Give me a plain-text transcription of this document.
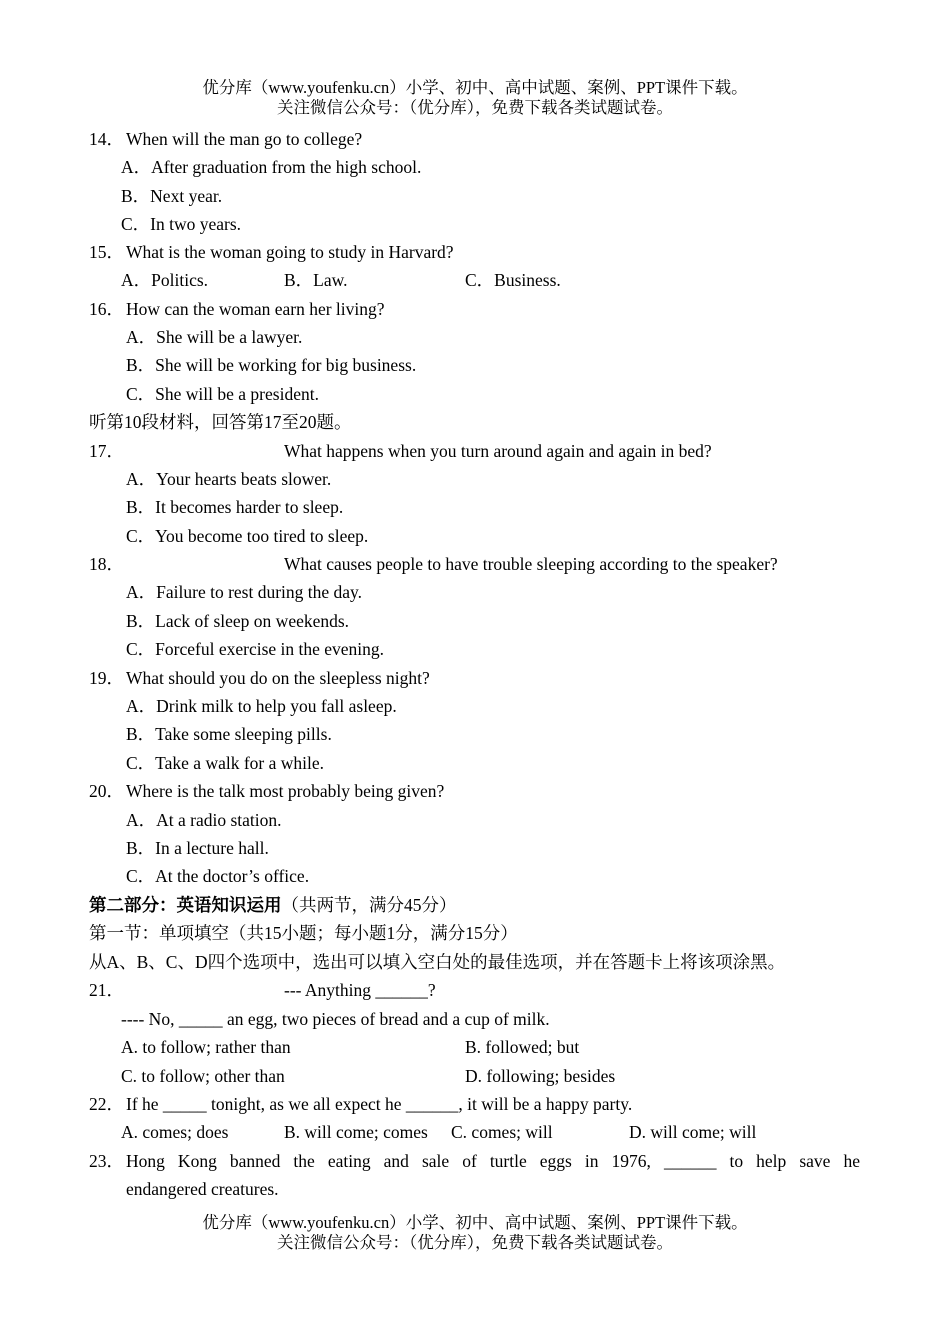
优分库（www.youfenku.cn）小学、初中、高中试题、案例、PPT课件下载。
关注微信公众号：（优分库），免费下载各类试题试卷。
14． When will the man go to college?
A．After graduation from the high school.
B．Next year.
C．In two years.
15． What is the woman going to study in Harvard?
A．Politics.	B．Law.	C．Business.
16． How can the woman earn her living?
A．She will be a lawyer.
B．She will be working for big business.
C．She will be a president.
听第10段材料，回答第17至20题。
17．	What happens when you turn around again and again in bed?
A．Your hearts beats slower.
B．It becomes harder to sleep.
C．You become too tired to sleep.
18．	What causes people to have trouble sleeping according to the speaker?
A．Failure to rest during the day.
B．Lack of sleep on weekends.
C．Forceful exercise in the evening.
19． What should you do on the sleepless night?
A．Drink milk to help you fall asleep.
B．Take some sleeping pills.
C．Take a walk for a while.
20． Where is the talk most probably being given?
A．At a radio station.
B．In a lecture hall.
C．At the doctor’s office.
第二部分：英语知识运用（共两节，满分45分）
第一节：单项填空（共15小题；每小题1分，满分15分）
从A、B、C、D四个选项中，选出可以填入空白处的最佳选项，并在答题卡上将该项涂黑。
21．	--- Anything ______?
---- No, _____ an egg, two pieces of bread and a cup of milk.
A. to follow; rather than	B. followed; but
C. to follow; other than	D. following; besides
22． If he _____ tonight, as we all expect he ______, it will be a happy party.
A. comes; does	B. will come; comes C. comes; will	D. will come; will
23． Hong Kong banned the eating and sale of turtle eggs in 1976, ______ to help save he
endangered creatures.
优分库（www.youfenku.cn）小学、初中、高中试题、案例、PPT课件下载。
关注微信公众号：（优分库），免费下载各类试题试卷。
